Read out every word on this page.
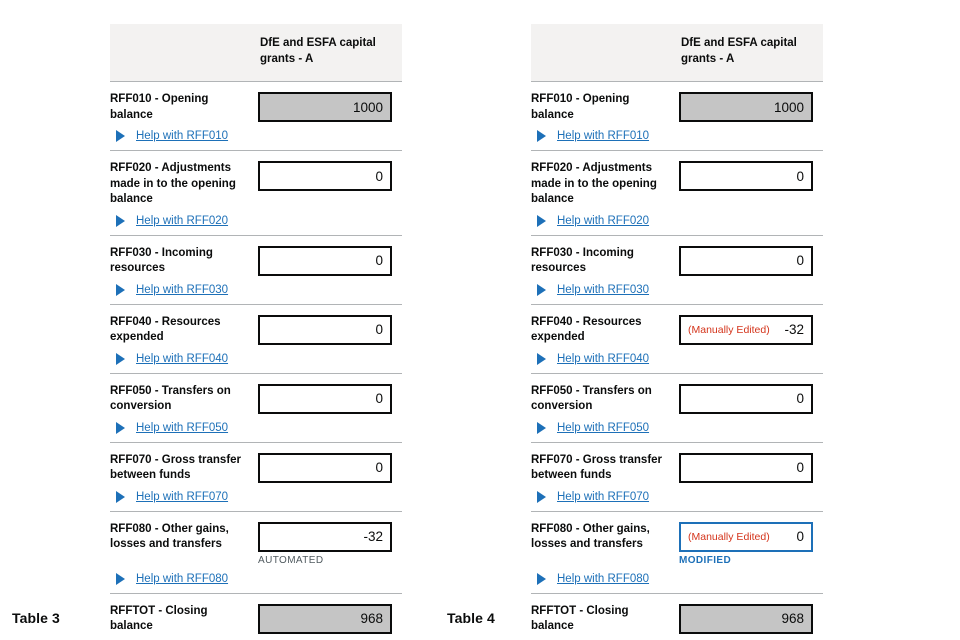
DfE and ESFA capital grants - A
RFF010 - Opening balance
1000
Help with RFF010
RFF020 - Adjustments made in to the opening balance
0
Help with RFF020
RFF030 - Incoming resources
0
Help with RFF030
RFF040 - Resources expended
0
Help with RFF040
RFF050 - Transfers on conversion
0
Help with RFF050
RFF070 - Gross transfer between funds
0
Help with RFF070
RFF080 - Other gains, losses and transfers
-32
AUTOMATED
Help with RFF080
RFFTOT - Closing balance
968
DfE and ESFA capital grants - A
RFF010 - Opening balance
1000
Help with RFF010
RFF020 - Adjustments made in to the opening balance
0
Help with RFF020
RFF030 - Incoming resources
0
Help with RFF030
RFF040 - Resources expended
(Manually Edited) -32
Help with RFF040
RFF050 - Transfers on conversion
0
Help with RFF050
RFF070 - Gross transfer between funds
0
Help with RFF070
RFF080 - Other gains, losses and transfers
(Manually Edited) 0
MODIFIED
Help with RFF080
RFFTOT - Closing balance
968
Table 3	Table 4
